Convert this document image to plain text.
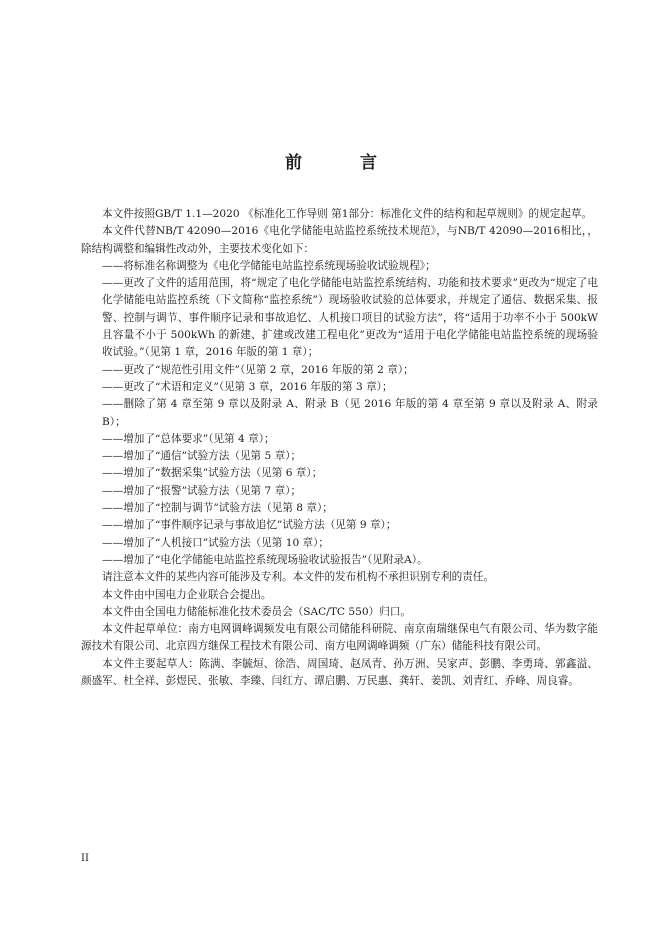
前 言

本文件按照GB/T 1.1—2020 《标准化工作导则 第1部分：标准化文件的结构和起草规则》的规定起草。

本文件代替NB/T 42090—2016《电化学储能电站监控系统技术规范》，与NB/T 42090—2016相比，，除结构调整和编辑性改动外，主要技术变化如下：

——将标准名称调整为《电化学储能电站监控系统现场验收试验规程》；

——更改了文件的适用范围，将“规定了电化学储能电站监控系统结构、功能和技术要求”更改为“规定了电化学储能电站监控系统（下文简称“监控系统”）现场验收试验的总体要求，并规定了通信、数据采集、报警、控制与调节、事件顺序记录和事故追忆、人机接口项目的试验方法”，将“适用于功率不小于 500kW 且容量不小于 500kWh 的新建、扩建或改建工程电化”更改为“适用于电化学储能电站监控系统的现场验收试验。”（见第 1 章，2016 年版的第 1 章）；

——更改了“规范性引用文件”（见第 2 章，2016 年版的第 2 章）；

——更改了“术语和定义”（见第 3 章，2016 年版的第 3 章）；

——删除了第 4 章至第 9 章以及附录 A、附录 B（见 2016 年版的第 4 章至第 9 章以及附录 A、附录 B）；

——增加了“总体要求”（见第 4 章）；

——增加了“通信”试验方法（见第 5 章）；

——增加了“数据采集”试验方法（见第 6 章）；

——增加了“报警”试验方法（见第 7 章）；

——增加了“控制与调节”试验方法（见第 8 章）；

——增加了“事件顺序记录与事故追忆”试验方法（见第 9 章）；

——增加了“人机接口”试验方法（见第 10 章）；

——增加了“电化学储能电站监控系统现场验收试验报告”（见附录A）。

请注意本文件的某些内容可能涉及专利。本文件的发布机构不承担识别专利的责任。

本文件由中国电力企业联合会提出。

本文件由全国电力储能标准化技术委员会（SAC/TC 550）归口。

本文件起草单位：南方电网调峰调频发电有限公司储能科研院、南京南瑞继保电气有限公司、华为数字能源技术有限公司、北京四方继保工程技术有限公司、南方电网调峰调频（广东）储能科技有限公司。

本文件主要起草人：陈满、李毓烜、徐浩、周国琦、赵凤青、孙万洲、吴家声、彭鹏、李勇琦、郭鑫溢、颜盛军、杜全祥、彭煜民、张敏、李臻、闫红方、谭启鹏、万民惠、龚轩、姜凯、刘青红、乔峰、周良睿。

II
